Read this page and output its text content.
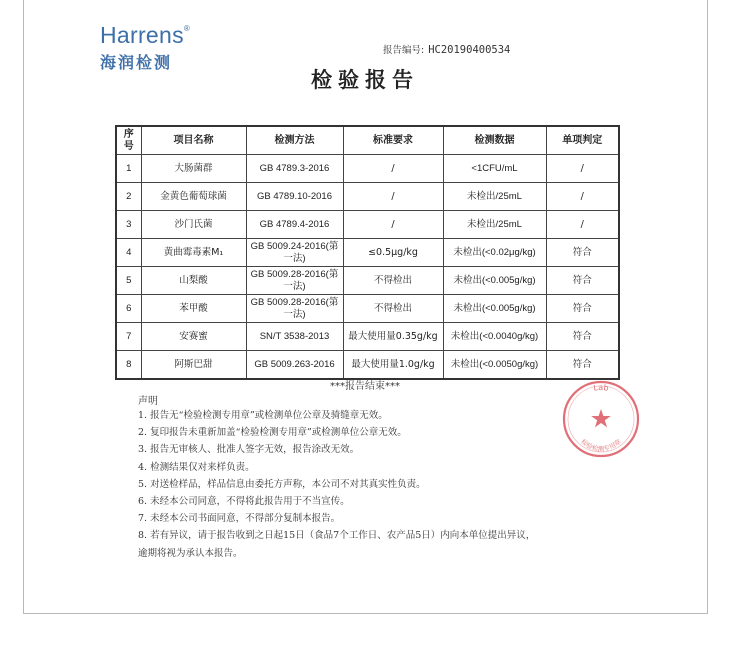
Harrens®
海润检测
报告编号: HC20190400534
检验报告
序号	项目名称	检测方法	标准要求	检测数据	单项判定
1	大肠菌群	GB 4789.3-2016	/	<1CFU/mL	/
2	金黄色葡萄球菌	GB 4789.10-2016	/	未检出/25mL	/
3	沙门氏菌	GB 4789.4-2016	/	未检出/25mL	/
4	黄曲霉毒素M₁	GB 5009.24-2016(第一法)	≤0.5μg/kg	未检出(<0.02μg/kg)	符合
5	山梨酸	GB 5009.28-2016(第一法)	不得检出	未检出(<0.005g/kg)	符合
6	苯甲酸	GB 5009.28-2016(第一法)	不得检出	未检出(<0.005g/kg)	符合
7	安赛蜜	SN/T 3538-2013	最大使用量0.35g/kg	未检出(<0.0040g/kg)	符合
8	阿斯巴甜	GB 5009.263-2016	最大使用量1.0g/kg	未检出(<0.0050g/kg)	符合
***报告结束***
声明
1. 报告无“检验检测专用章”或检测单位公章及骑缝章无效。
2. 复印报告未重新加盖“检验检测专用章”或检测单位公章无效。
3. 报告无审核人、批准人签字无效，报告涂改无效。
4. 检测结果仅对来样负责。
5. 对送检样品，样品信息由委托方声称，本公司不对其真实性负责。
6. 未经本公司同意，不得将此报告用于不当宣传。
7. 未经本公司书面同意，不得部分复制本报告。
8. 若有异议，请于报告收到之日起15日（食品7个工作日、农产品5日）内向本单位提出异议，
逾期将视为承认本报告。
Lab
检验检测专用章
